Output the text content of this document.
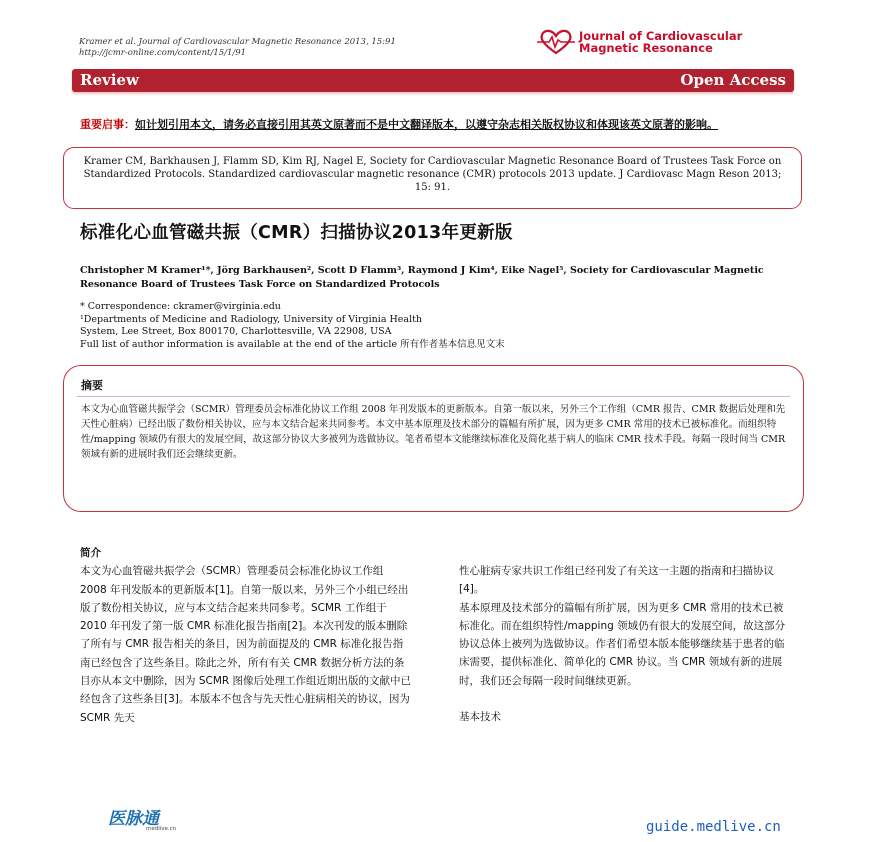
Kramer et al. Journal of Cardiovascular Magnetic Resonance 2013, 15:91
http://jcmr-online.com/content/15/1/91
Journal of Cardiovascular
Magnetic Resonance
Review	Open Access
重要启事：如计划引用本文，请务必直接引用其英文原著而不是中文翻译版本，以遵守杂志相关版权协议和体现该英文原著的影响。
Kramer CM, Barkhausen J, Flamm SD, Kim RJ, Nagel E, Society for Cardiovascular Magnetic Resonance Board of Trustees Task Force on Standardized Protocols. Standardized cardiovascular magnetic resonance (CMR) protocols 2013 update. J Cardiovasc Magn Reson 2013; 15: 91.
标准化心血管磁共振（CMR）扫描协议2013年更新版
Christopher M Kramer¹*, Jörg Barkhausen², Scott D Flamm³, Raymond J Kim⁴, Eike Nagel⁵, Society for Cardiovascular Magnetic Resonance Board of Trustees Task Force on Standardized Protocols
* Correspondence: ckramer@virginia.edu
¹Departments of Medicine and Radiology, University of Virginia Health
System, Lee Street, Box 800170, Charlottesville, VA 22908, USA
Full list of author information is available at the end of the article 所有作者基本信息见文末
摘要
本文为心血管磁共振学会（SCMR）管理委员会标准化协议工作组 2008 年刊发版本的更新版本。自第一版以来，另外三个工作组（CMR 报告、CMR 数据后处理和先天性心脏病）已经出版了数份相关协议，应与本文结合起来共同参考。本文中基本原理及技术部分的篇幅有所扩展，因为更多 CMR 常用的技术已被标准化。而组织特性/mapping 领域仍有很大的发展空间，故这部分协议大多被列为选做协议。笔者希望本文能继续标准化及简化基于病人的临床 CMR 技术手段。每隔一段时间当 CMR 领域有新的进展时我们还会继续更新。
简介
本文为心血管磁共振学会（SCMR）管理委员会标准化协议工作组 2008 年刊发版本的更新版本[1]。自第一版以来，另外三个小组已经出版了数份相关协议，应与本文结合起来共同参考。SCMR 工作组于 2010 年刊发了第一版 CMR 标准化报告指南[2]。本次刊发的版本删除了所有与 CMR 报告相关的条目，因为前面提及的 CMR 标准化报告指南已经包含了这些条目。除此之外，所有有关 CMR 数据分析方法的条目亦从本文中删除，因为 SCMR 图像后处理工作组近期出版的文献中已经包含了这些条目[3]。本版本不包含与先天性心脏病相关的协议，因为 SCMR 先天
性心脏病专家共识工作组已经刊发了有关这一主题的指南和扫描协议 [4]。
基本原理及技术部分的篇幅有所扩展，因为更多 CMR 常用的技术已被标准化。而在组织特性/mapping 领域仍有很大的发展空间，故这部分协议总体上被列为选做协议。作者们希望本版本能够继续基于患者的临床需要，提供标准化、简单化的 CMR 协议。当 CMR 领域有新的进展时，我们还会每隔一段时间继续更新。
基本技术
医脉通
medlive.cn	guide.medlive.cn
